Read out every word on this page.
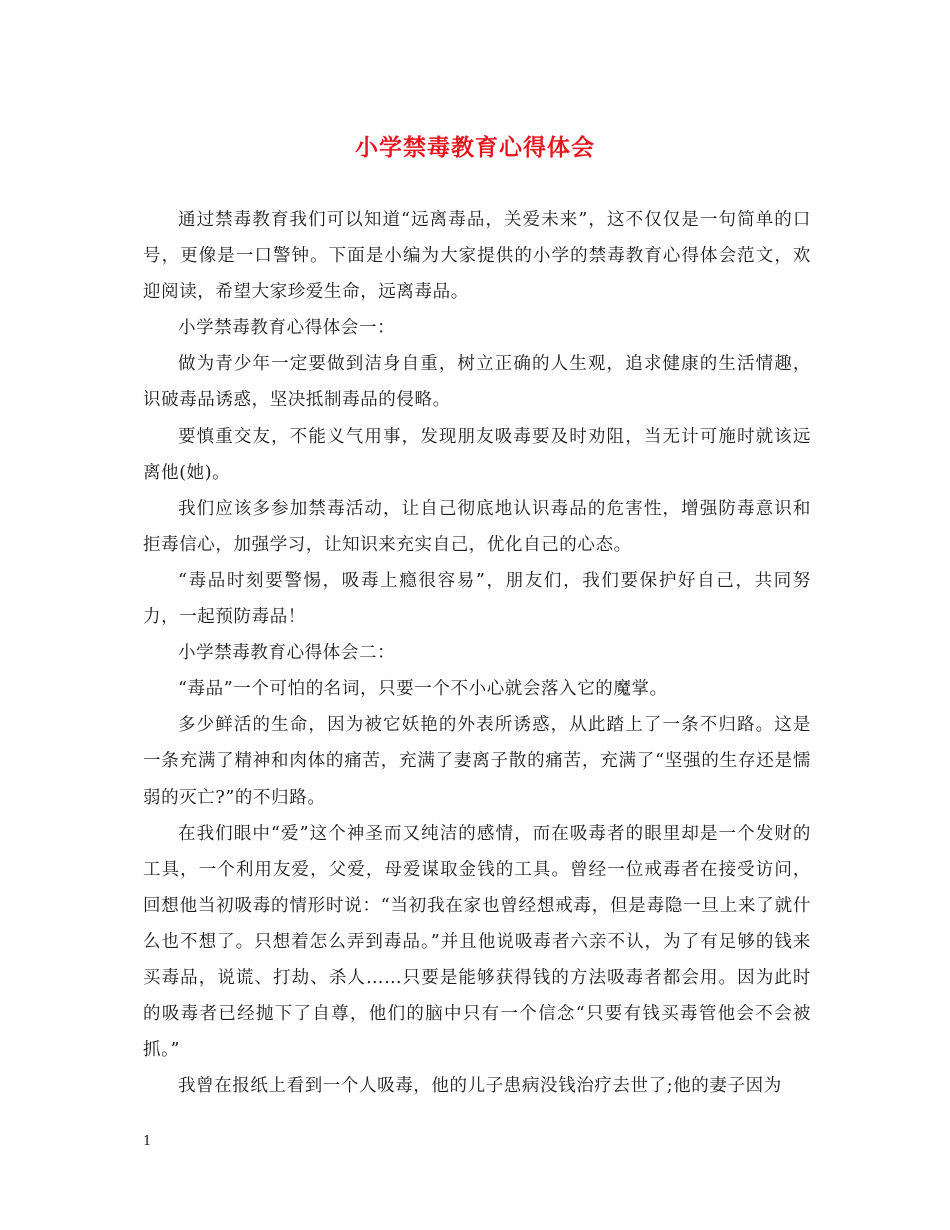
小学禁毒教育心得体会

通过禁毒教育我们可以知道“远离毒品，关爱未来”，这不仅仅是一句简单的口号，更像是一口警钟。下面是小编为大家提供的小学的禁毒教育心得体会范文，欢迎阅读，希望大家珍爱生命，远离毒品。

小学禁毒教育心得体会一：

做为青少年一定要做到洁身自重，树立正确的人生观，追求健康的生活情趣，识破毒品诱惑，坚决抵制毒品的侵略。

要慎重交友，不能义气用事，发现朋友吸毒要及时劝阻，当无计可施时就该远离他(她)。

我们应该多参加禁毒活动，让自己彻底地认识毒品的危害性，增强防毒意识和拒毒信心，加强学习，让知识来充实自己，优化自己的心态。

“毒品时刻要警惕，吸毒上瘾很容易”，朋友们，我们要保护好自己，共同努力，一起预防毒品！

小学禁毒教育心得体会二：

“毒品”一个可怕的名词，只要一个不小心就会落入它的魔掌。

多少鲜活的生命，因为被它妖艳的外表所诱惑，从此踏上了一条不归路。这是一条充满了精神和肉体的痛苦，充满了妻离子散的痛苦，充满了“坚强的生存还是懦弱的灭亡?”的不归路。

在我们眼中“爱”这个神圣而又纯洁的感情，而在吸毒者的眼里却是一个发财的工具，一个利用友爱，父爱，母爱谋取金钱的工具。曾经一位戒毒者在接受访问，回想他当初吸毒的情形时说：“当初我在家也曾经想戒毒，但是毒隐一旦上来了就什么也不想了。只想着怎么弄到毒品。”并且他说吸毒者六亲不认，为了有足够的钱来买毒品，说谎、打劫、杀人……只要是能够获得钱的方法吸毒者都会用。因为此时的吸毒者已经抛下了自尊，他们的脑中只有一个信念“只要有钱买毒管他会不会被抓。”

我曾在报纸上看到一个人吸毒，他的儿子患病没钱治疗去世了;他的妻子因为

1
